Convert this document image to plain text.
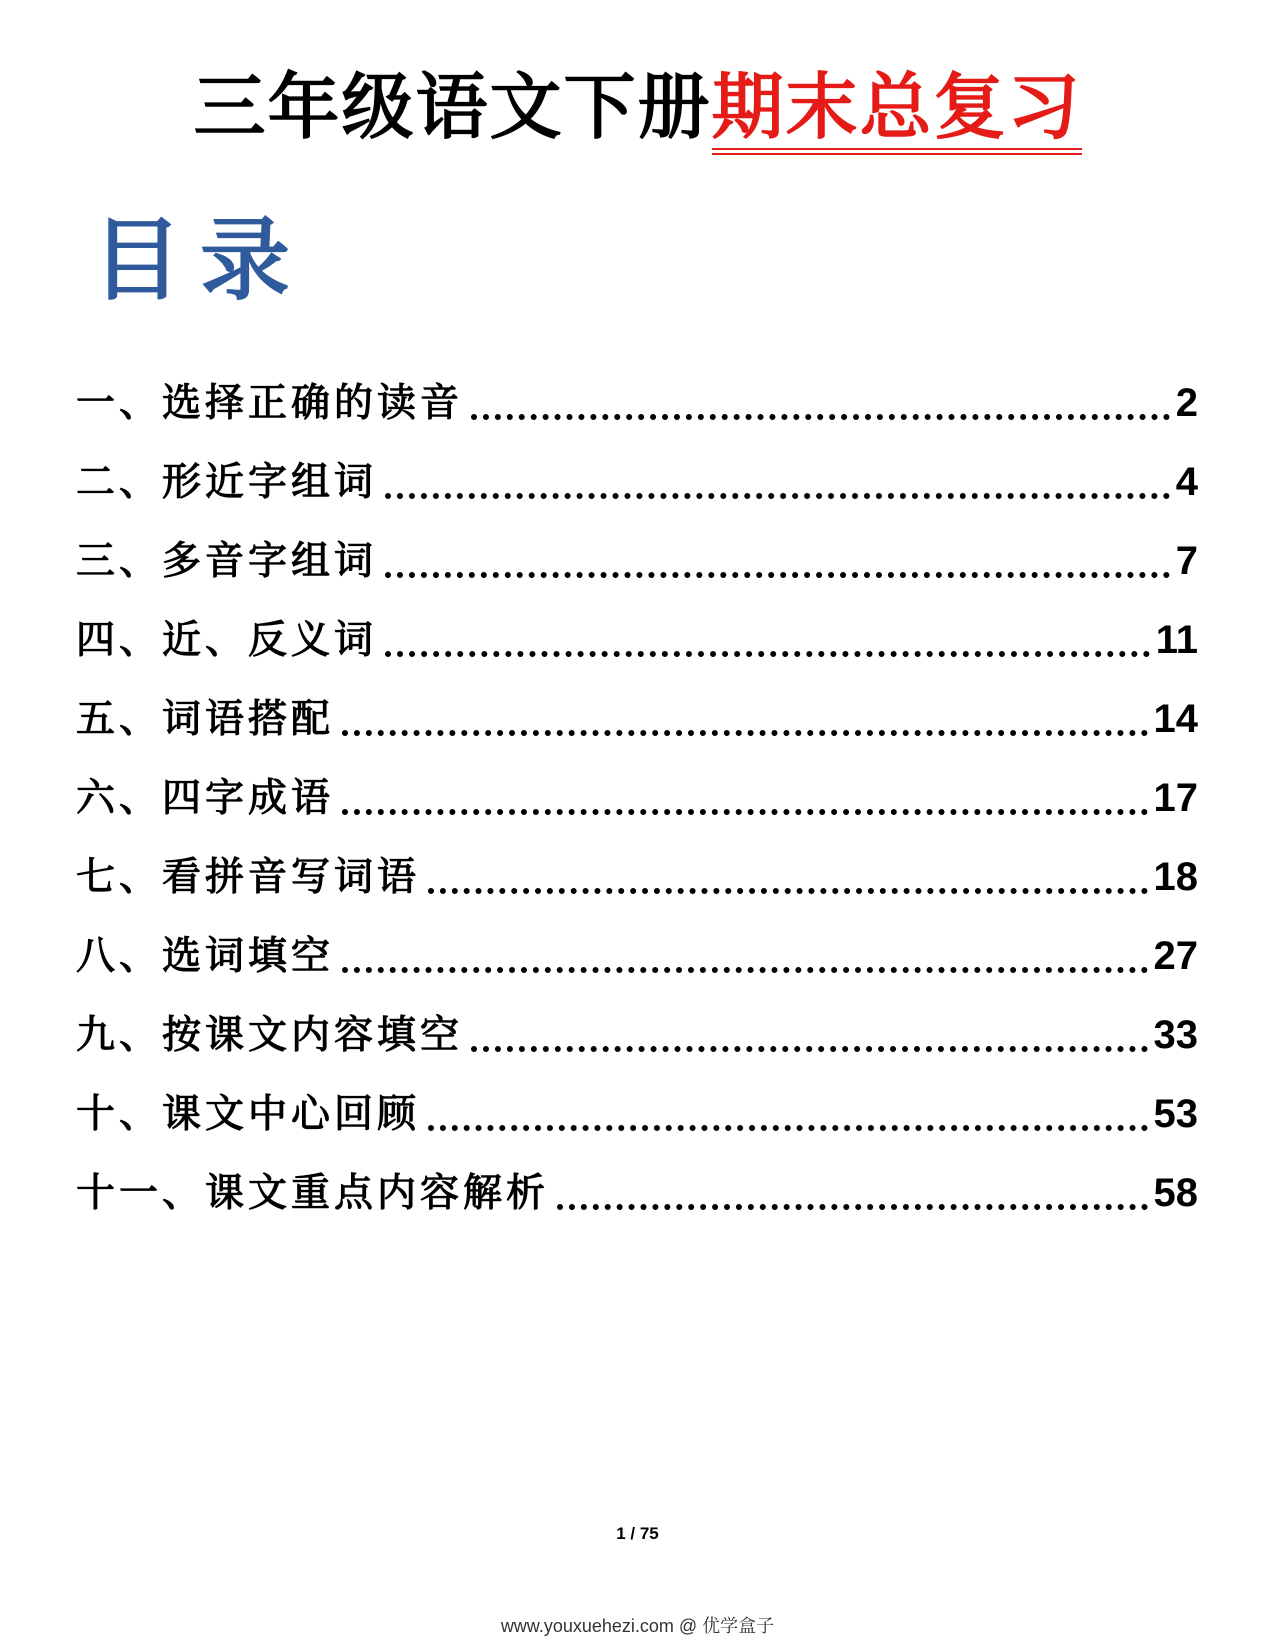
三年级语文下册期末总复习
目录
一、选择正确的读音	2
二、形近字组词	4
三、多音字组词	7
四、近、反义词	11
五、词语搭配	14
六、四字成语	17
七、看拼音写词语	18
八、选词填空	27
九、按课文内容填空	33
十、课文中心回顾	53
十一、课文重点内容解析	58
1 / 75
www.youxuehezi.com @ 优学盒子
